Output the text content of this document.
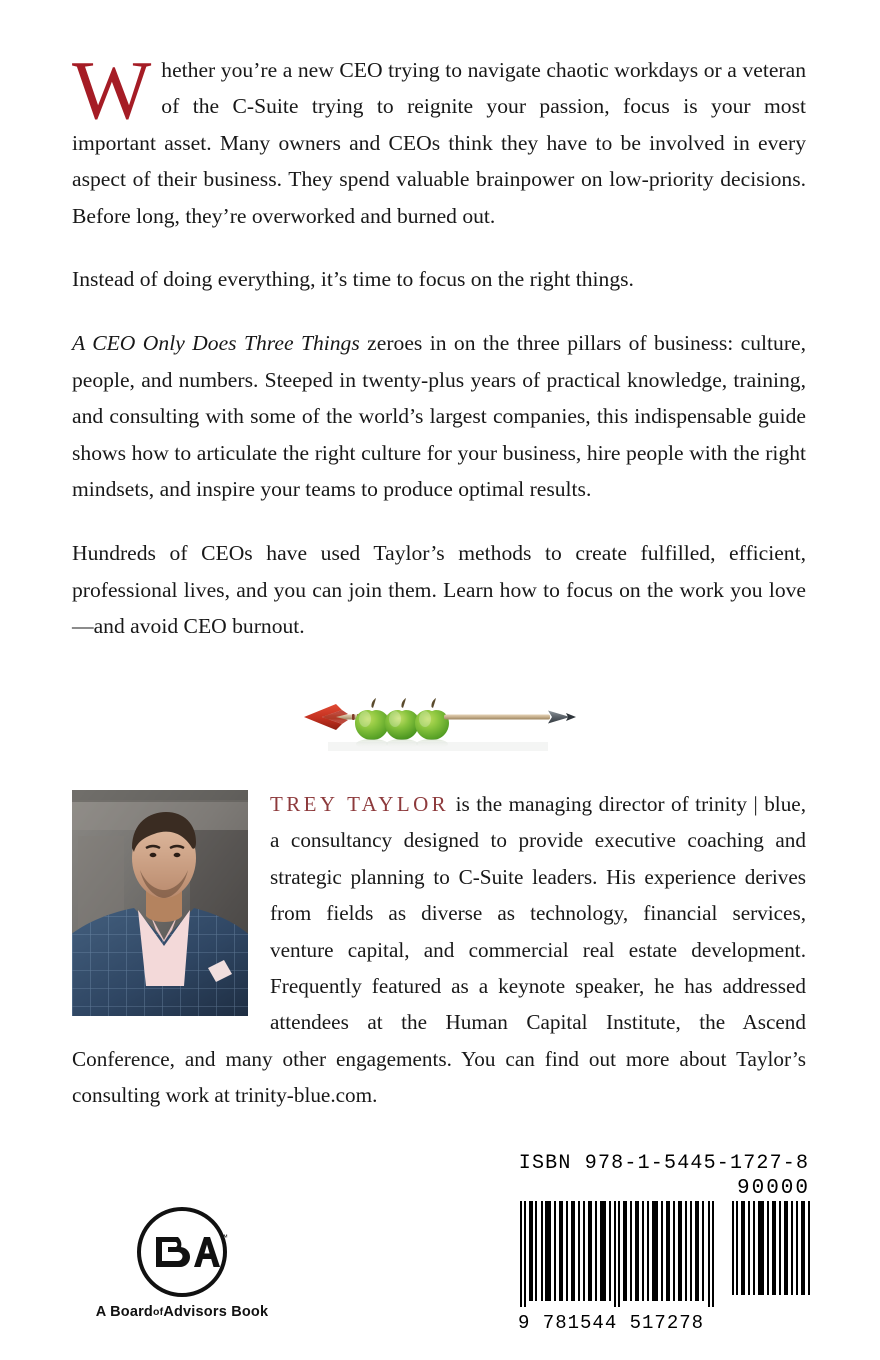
Whether you’re a new CEO trying to navigate chaotic workdays or a veteran of the C-Suite trying to reignite your passion, focus is your most important asset. Many owners and CEOs think they have to be involved in every aspect of their business. They spend valuable brainpower on low-priority decisions. Before long, they’re overworked and burned out.

Instead of doing everything, it’s time to focus on the right things.

A CEO Only Does Three Things zeroes in on the three pillars of business: culture, people, and numbers. Steeped in twenty-plus years of practical knowledge, training, and consulting with some of the world’s largest companies, this indispensable guide shows how to articulate the right culture for your business, hire people with the right mindsets, and inspire your teams to produce optimal results.

Hundreds of CEOs have used Taylor’s methods to create fulfilled, efficient, professional lives, and you can join them. Learn how to focus on the work you love—and avoid CEO burnout.

TREY TAYLOR is the managing director of trinity | blue, a consultancy designed to provide executive coaching and strategic planning to C-Suite leaders. His experience derives from fields as diverse as technology, financial services, venture capital, and commercial real estate development. Frequently featured as a keynote speaker, he has addressed attendees at the Human Capital Institute, the Ascend Conference, and many other engagements. You can find out more about Taylor’s consulting work at trinity-blue.com.

™
A BoardofAdvisors Book
ISBN 978-1-5445-1727-8
90000
9 781544 517278
